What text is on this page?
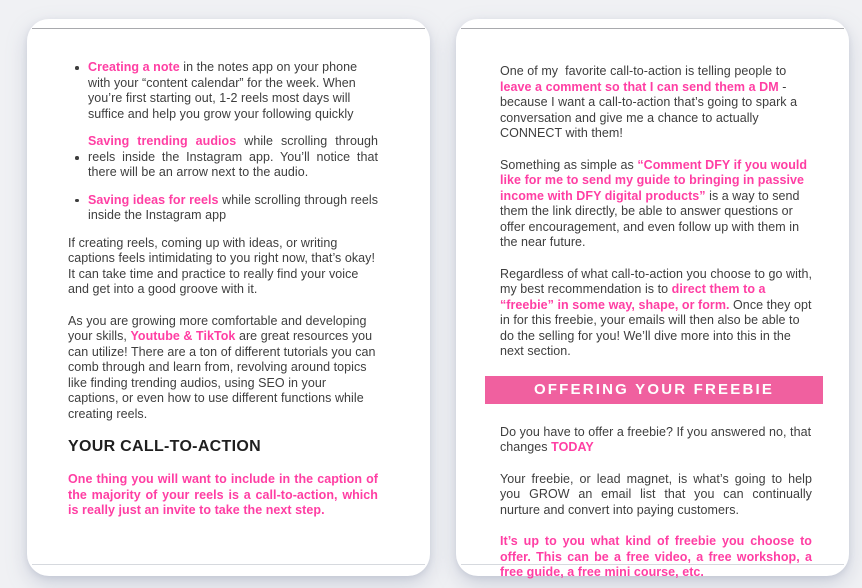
Creating a note in the notes app on your phone with your “content calendar” for the week. When you’re first starting out, 1-2 reels most days will suffice and help you grow your following quickly
Saving trending audios while scrolling through reels inside the Instagram app. You’ll notice that there will be an arrow next to the audio.
Saving ideas for reels while scrolling through reels inside the Instagram app

If creating reels, coming up with ideas, or writing captions feels intimidating to you right now, that’s okay! It can take time and practice to really find your voice and get into a good groove with it.

As you are growing more comfortable and developing your skills, Youtube & TikTok are great resources you can utilize! There are a ton of different tutorials you can comb through and learn from, revolving around topics like finding trending audios, using SEO in your captions, or even how to use different functions while creating reels.

YOUR CALL-TO-ACTION

One thing you will want to include in the caption of the majority of your reels is a call-to-action, which is really just an invite to take the next step.

One of my  favorite call-to-action is telling people to leave a comment so that I can send them a DM - because I want a call-to-action that’s going to spark a conversation and give me a chance to actually CONNECT with them!

Something as simple as “Comment DFY if you would like for me to send my guide to bringing in passive income with DFY digital products” is a way to send them the link directly, be able to answer questions or offer encouragement, and even follow up with them in the near future.

Regardless of what call-to-action you choose to go with, my best recommendation is to direct them to a “freebie” in some way, shape, or form. Once they opt in for this freebie, your emails will then also be able to do the selling for you! We’ll dive more into this in the next section.

OFFERING YOUR FREEBIE

Do you have to offer a freebie? If you answered no, that changes TODAY

Your freebie, or lead magnet, is what’s going to help you GROW an email list that you can continually nurture and convert into paying customers.

It’s up to you what kind of freebie you choose to offer. This can be a free video, a free workshop, a free guide, a free mini course, etc.
